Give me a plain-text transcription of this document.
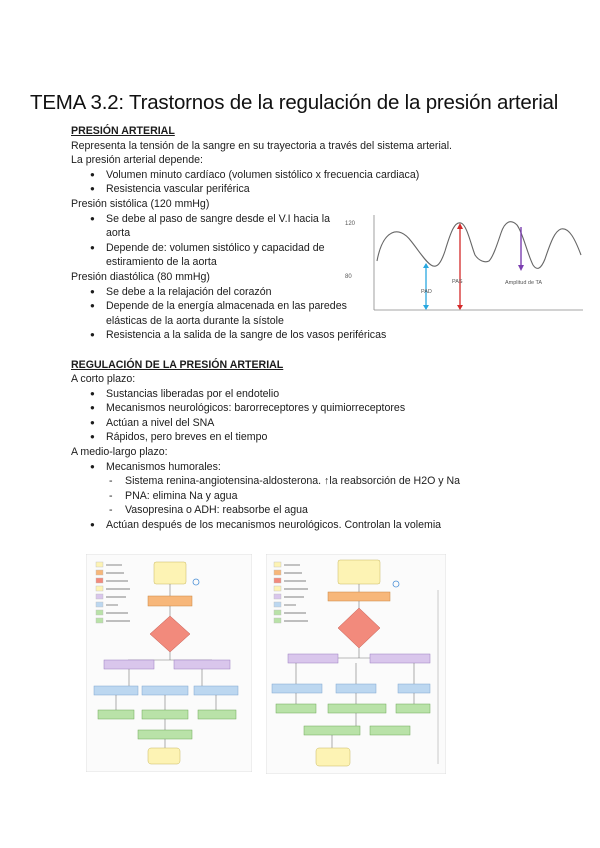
TEMA 3.2: Trastornos de la regulación de la presión arterial
PRESIÓN ARTERIAL
Representa la tensión de la sangre en su trayectoria a través del sistema arterial.
La presión arterial depende:
● Volumen minuto cardíaco (volumen sistólico x frecuencia cardiaca)
● Resistencia vascular periférica
Presión sistólica (120 mmHg)
● Se debe al paso de sangre desde el V.I hacia la aorta
● Depende de: volumen sistólico y capacidad de estiramiento de la aorta
Presión diastólica (80 mmHg)
● Se debe a la relajación del corazón
● Depende de la energía almacenada en las paredes elásticas de la aorta durante la sístole
● Resistencia a la salida de la sangre de los vasos periféricas
REGULACIÓN DE LA PRESIÓN ARTERIAL
A corto plazo:
● Sustancias liberadas por el endotelio
● Mecanismos neurológicos: barorreceptores y quimiorreceptores
● Actúan a nivel del SNA
● Rápidos, pero breves en el tiempo
A medio-largo plazo:
● Mecanismos humorales:
- Sistema renina-angiotensina-aldosterona. ↑la reabsorción de H2O y Na
- PNA: elimina Na y agua
- Vasopresina o ADH: reabsorbe el agua
● Actúan después de los mecanismos neurológicos. Controlan la volemia
120
80
PAD
PAS	Amplitud de TA
